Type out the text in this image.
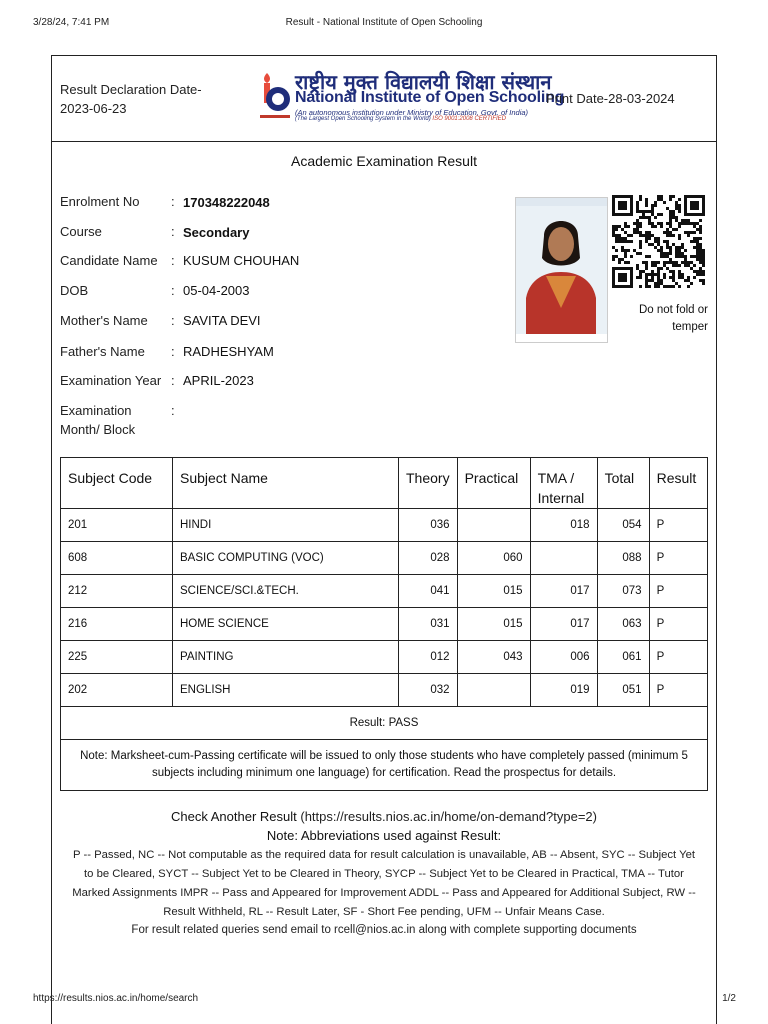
3/28/24, 7:41 PM	Result - National Institute of Open Schooling
Result Declaration Date-
2023-06-23
राष्ट्रीय मुक्त विद्यालयी शिक्षा संस्थान
National Institute of Open Schooling
(An autonomous institution under Ministry of Education, Govt. of India)
(The Largest Open Schooling System in the World) ISO 9001:2008 CERTIFIED
Print Date-28-03-2024
Academic Examination Result
Enrolment No : 170348222048
Course	: Secondary
Candidate Name : KUSUM CHOUHAN
DOB	: 05-04-2003
Mother's Name : SAVITA DEVI
Father's Name : RADHESHYAM
Examination Year : APRIL-2023
Examination
Month/ Block
:
Do not fold or temper
Subject Code	Subject Name	Theory	Practical	TMA / Internal	Total	Result
201	HINDI	036		018	054	P
608	BASIC COMPUTING (VOC)	028	060		088	P
212	SCIENCE/SCI.&TECH.	041	015	017	073	P
216	HOME SCIENCE	031	015	017	063	P
225	PAINTING	012	043	006	061	P
202	ENGLISH	032		019	051	P
Result: PASS						
Note: Marksheet-cum-Passing certificate will be issued to only those students who have completely passed (minimum 5 subjects including minimum one language) for certification. Read the prospectus for details.						
Check Another Result (https://results.nios.ac.in/home/on-demand?type=2)
Note: Abbreviations used against Result:
P -- Passed, NC -- Not computable as the required data for result calculation is unavailable, AB -- Absent, SYC -- Subject Yet to be Cleared, SYCT -- Subject Yet to be Cleared in Theory, SYCP -- Subject Yet to be Cleared in Practical, TMA -- Tutor Marked Assignments IMPR -- Pass and Appeared for Improvement ADDL -- Pass and Appeared for Additional Subject, RW -- Result Withheld, RL -- Result Later, SF - Short Fee pending, UFM -- Unfair Means Case.
For result related queries send email to rcell@nios.ac.in along with complete supporting documents
https://results.nios.ac.in/home/search	1/2
